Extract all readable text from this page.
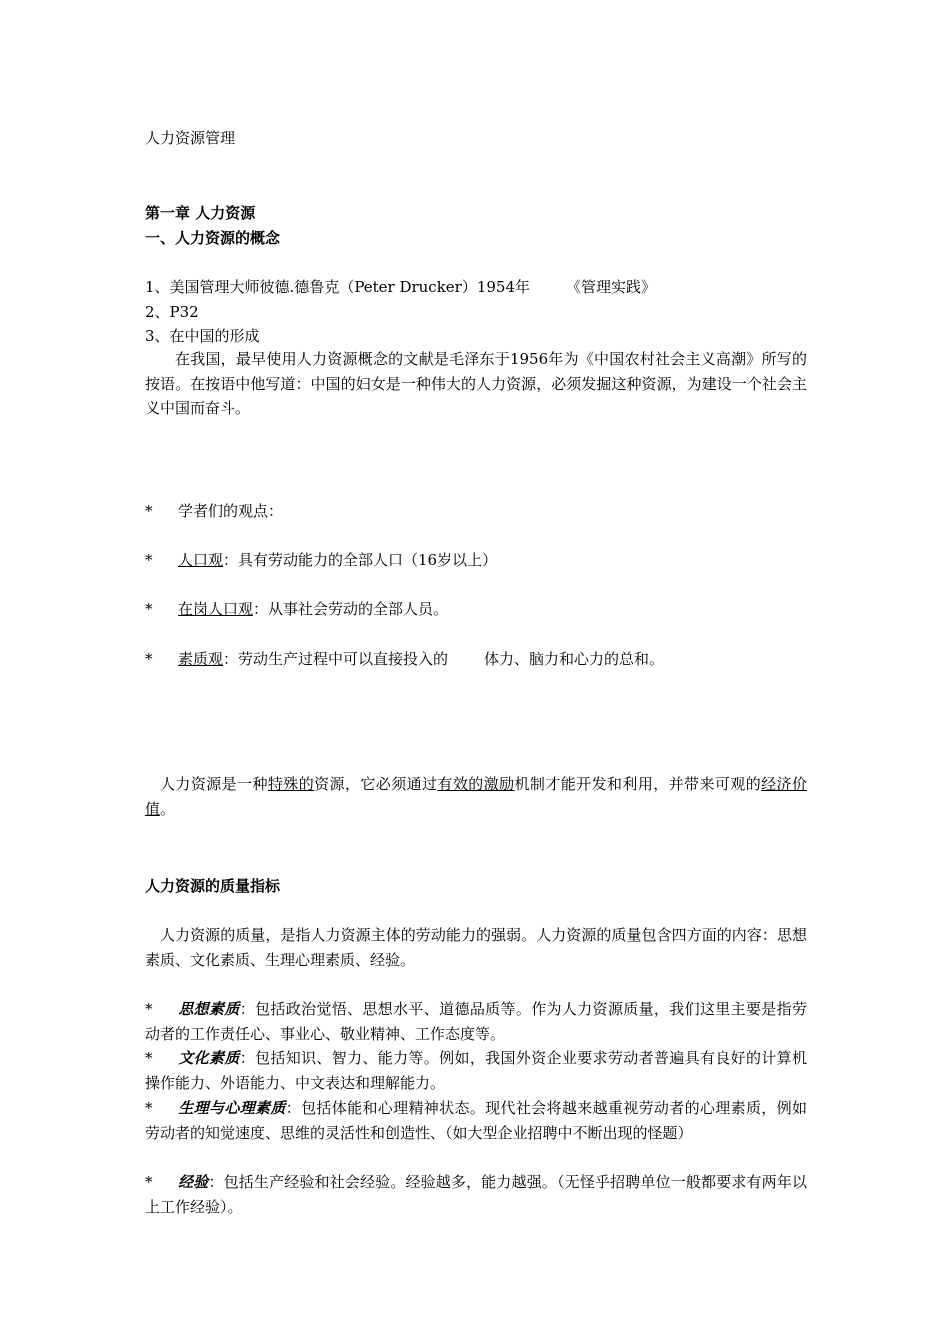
人力资源管理
第一章 人力资源
一、人力资源的概念
1、美国管理大师彼德.德鲁克（Peter Drucker）1954年 《管理实践》
2、P32
3、在中国的形成
在我国，最早使用人力资源概念的文献是毛泽东于1956年为《中国农村社会主义高潮》所写的按语。在按语中他写道：中国的妇女是一种伟大的人力资源，必须发掘这种资源，为建设一个社会主义中国而奋斗。
* 学者们的观点：
* 人口观：具有劳动能力的全部人口（16岁以上）
* 在岗人口观：从事社会劳动的全部人员。
* 素质观：劳动生产过程中可以直接投入的 体力、脑力和心力的总和。
人力资源是一种特殊的资源，它必须通过有效的激励机制才能开发和利用，并带来可观的经济价值。
人力资源的质量指标
人力资源的质量，是指人力资源主体的劳动能力的强弱。人力资源的质量包含四方面的内容：思想素质、文化素质、生理心理素质、经验。
* 思想素质：包括政治觉悟、思想水平、道德品质等。作为人力资源质量，我们这里主要是指劳动者的工作责任心、事业心、敬业精神、工作态度等。
* 文化素质：包括知识、智力、能力等。例如，我国外资企业要求劳动者普遍具有良好的计算机操作能力、外语能力、中文表达和理解能力。
* 生理与心理素质：包括体能和心理精神状态。现代社会将越来越重视劳动者的心理素质，例如劳动者的知觉速度、思维的灵活性和创造性、（如大型企业招聘中不断出现的怪题）
* 经验：包括生产经验和社会经验。经验越多，能力越强。（无怪乎招聘单位一般都要求有两年以上工作经验）。
